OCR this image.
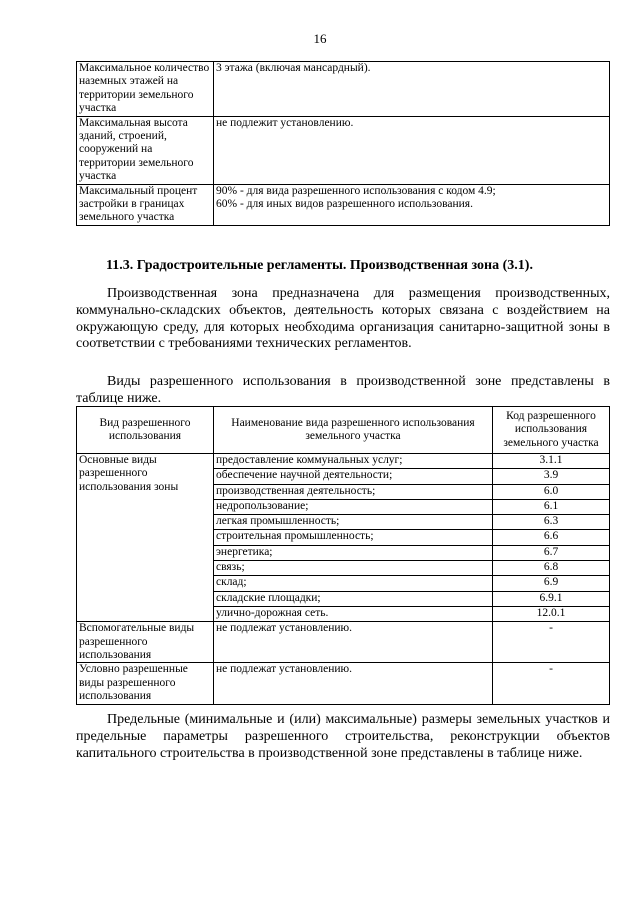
16
Максимальное количество наземных этажей на территории земельного участка	3 этажа (включая мансардный).
Максимальная высота зданий, строений, сооружений на территории земельного участка	не подлежит установлению.
Максимальный процент застройки в границах земельного участка	90% - для вида разрешенного использования с кодом 4.9;
60% - для иных видов разрешенного использования.
11.3. Градостроительные регламенты. Производственная зона (3.1).

Производственная зона предназначена для размещения производственных, коммунально-складских объектов, деятельность которых связана с воздействием на окружающую среду, для которых необходима организация санитарно-защитной зоны в соответствии с требованиями технических регламентов.

Виды разрешенного использования в производственной зоне представлены в таблице ниже.

Вид разрешенного использования	Наименование вида разрешенного использования земельного участка	Код разрешенного использования земельного участка
Основные виды разрешенного использования зоны	предоставление коммунальных услуг;	3.1.1
	обеспечение научной деятельности;	3.9
	производственная деятельность;	6.0
	недропользование;	6.1
	легкая промышленность;	6.3
	строительная промышленность;	6.6
	энергетика;	6.7
	связь;	6.8
	склад;	6.9
	складские площадки;	6.9.1
	улично-дорожная сеть.	12.0.1
Вспомогательные виды разрешенного использования	не подлежат установлению.	-
Условно разрешенные виды разрешенного использования	не подлежат установлению.	-

Предельные (минимальные и (или) максимальные) размеры земельных участков и предельные параметры разрешенного строительства, реконструкции объектов капитального строительства в производственной зоне представлены в таблице ниже.
